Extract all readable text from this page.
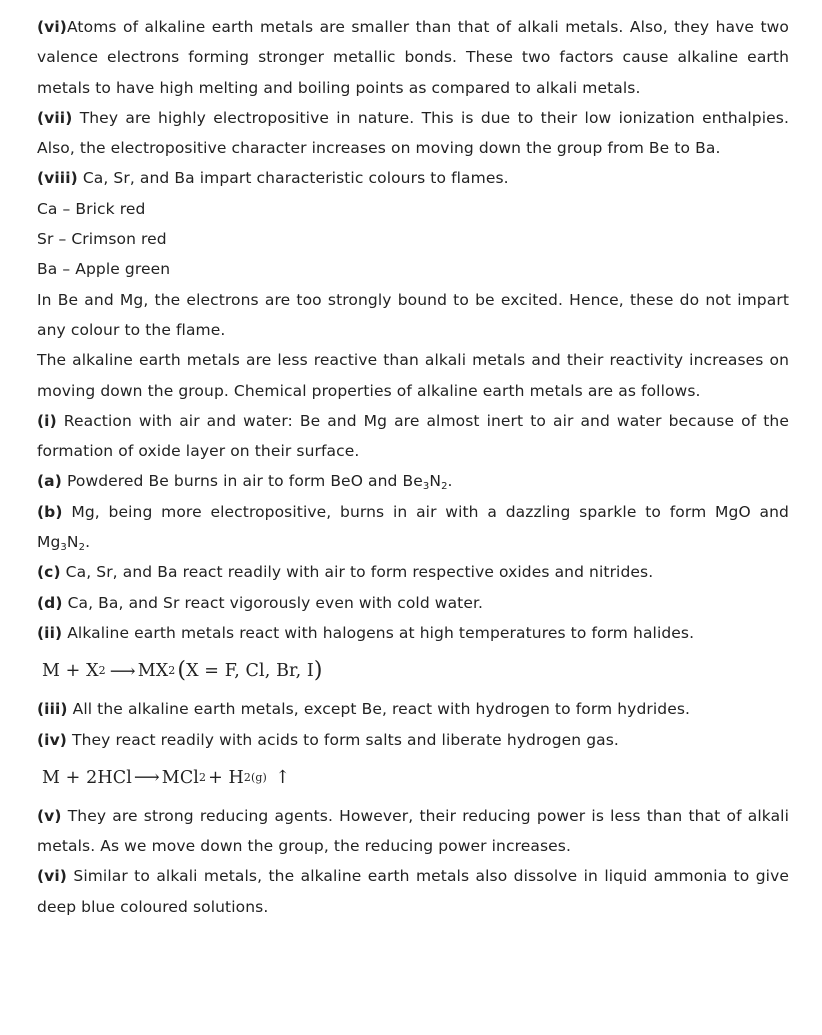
(vi)Atoms of alkaline earth metals are smaller than that of alkali metals. Also, they have two valence electrons forming stronger metallic bonds. These two factors cause alkaline earth metals to have high melting and boiling points as compared to alkali metals.

(vii) They are highly electropositive in nature. This is due to their low ionization enthalpies. Also, the electropositive character increases on moving down the group from Be to Ba.

(viii) Ca, Sr, and Ba impart characteristic colours to flames.

Ca – Brick red

Sr – Crimson red

Ba – Apple green

In Be and Mg, the electrons are too strongly bound to be excited. Hence, these do not impart any colour to the flame.

The alkaline earth metals are less reactive than alkali metals and their reactivity increases on moving down the group. Chemical properties of alkaline earth metals are as follows.

(i) Reaction with air and water: Be and Mg are almost inert to air and water because of the formation of oxide layer on their surface.

(a) Powdered Be burns in air to form BeO and $Be_3N_2$.

(b) Mg, being more electropositive, burns in air with a dazzling sparkle to form MgO and $Mg_3N_2$.

(c) Ca, Sr, and Ba react readily with air to form respective oxides and nitrides.

(d) Ca, Ba, and Sr react vigorously even with cold water.

(ii) Alkaline earth metals react with halogens at high temperatures to form halides.

M + X 2 ⟶ MX 2 ( X = F, Cl, Br, I )

(iii) All the alkaline earth metals, except Be, react with hydrogen to form hydrides.

(iv) They react readily with acids to form salts and liberate hydrogen gas.

M + 2HCl ⟶ MCl 2 + H 2(g) ↑

(v) They are strong reducing agents. However, their reducing power is less than that of alkali metals. As we move down the group, the reducing power increases.

(vi) Similar to alkali metals, the alkaline earth metals also dissolve in liquid ammonia to give deep blue coloured solutions.
